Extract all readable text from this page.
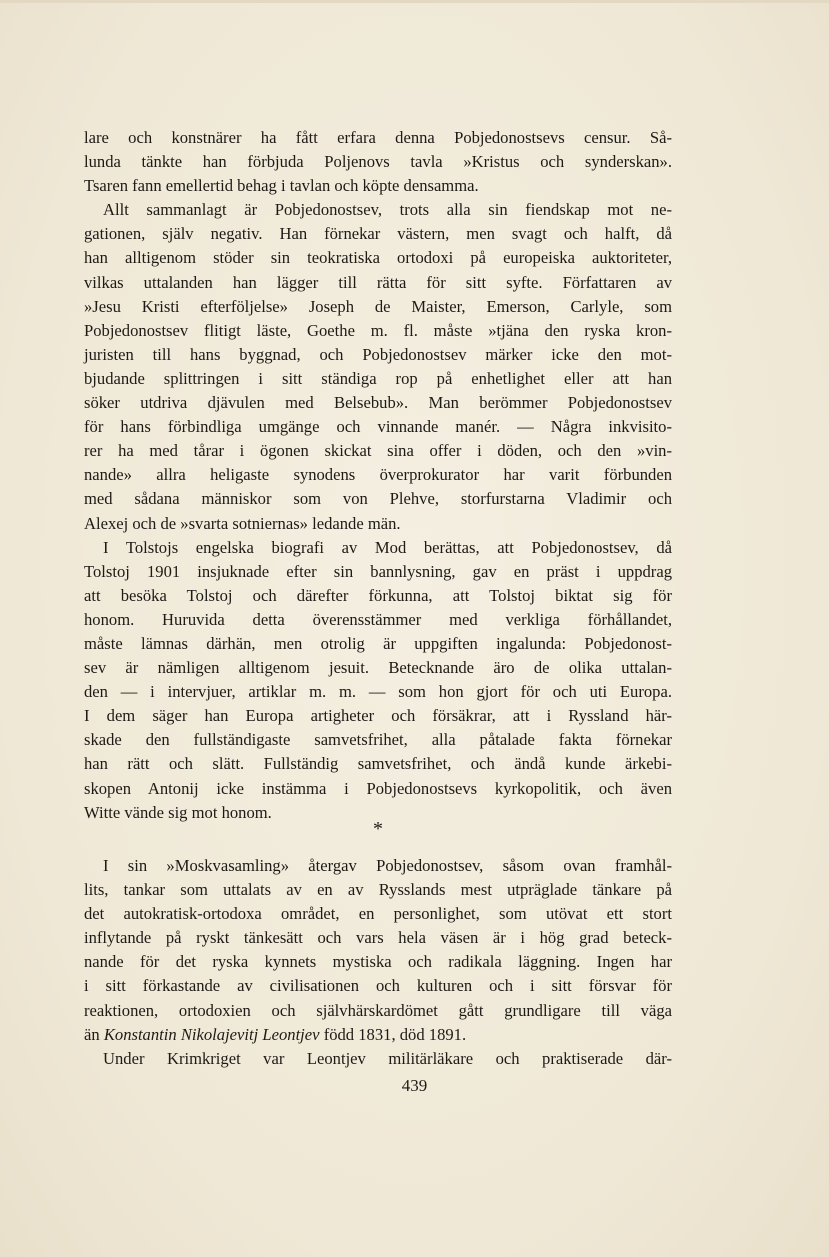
lare och konstnärer ha fått erfara denna Pobjedonostsevs censur. Så-
lunda tänkte han förbjuda Poljenovs tavla »Kristus och synderskan».
Tsaren fann emellertid behag i tavlan och köpte densamma.
Allt sammanlagt är Pobjedonostsev, trots alla sin fiendskap mot ne-
gationen, själv negativ. Han förnekar västern, men svagt och halft, då
han alltigenom stöder sin teokratiska ortodoxi på europeiska auktoriteter,
vilkas uttalanden han lägger till rätta för sitt syfte. Författaren av
»Jesu Kristi efterföljelse» Joseph de Maister, Emerson, Carlyle, som
Pobjedonostsev flitigt läste, Goethe m. fl. måste »tjäna den ryska kron-
juristen till hans byggnad, och Pobjedonostsev märker icke den mot-
bjudande splittringen i sitt ständiga rop på enhetlighet eller att han
söker utdriva djävulen med Belsebub». Man berömmer Pobjedonostsev
för hans förbindliga umgänge och vinnande manér. — Några inkvisito-
rer ha med tårar i ögonen skickat sina offer i döden, och den »vin-
nande» allra heligaste synodens överprokurator har varit förbunden
med sådana människor som von Plehve, storfurstarna Vladimir och
Alexej och de »svarta sotniernas» ledande män.
I Tolstojs engelska biografi av Mod berättas, att Pobjedonostsev, då
Tolstoj 1901 insjuknade efter sin bannlysning, gav en präst i uppdrag
att besöka Tolstoj och därefter förkunna, att Tolstoj biktat sig för
honom. Huruvida detta överensstämmer med verkliga förhållandet,
måste lämnas därhän, men otrolig är uppgiften ingalunda: Pobjedonost-
sev är nämligen alltigenom jesuit. Betecknande äro de olika uttalan-
den — i intervjuer, artiklar m. m. — som hon gjort för och uti Europa.
I dem säger han Europa artigheter och försäkrar, att i Ryssland här-
skade den fullständigaste samvetsfrihet, alla påtalade fakta förnekar
han rätt och slätt. Fullständig samvetsfrihet, och ändå kunde ärkebi-
skopen Antonij icke instämma i Pobjedonostsevs kyrkopolitik, och även
Witte vände sig mot honom.
*
I sin »Moskvasamling» återgav Pobjedonostsev, såsom ovan framhål-
lits, tankar som uttalats av en av Rysslands mest utpräglade tänkare på
det autokratisk-ortodoxa området, en personlighet, som utövat ett stort
inflytande på ryskt tänkesätt och vars hela väsen är i hög grad beteck-
nande för det ryska kynnets mystiska och radikala läggning. Ingen har
i sitt förkastande av civilisationen och kulturen och i sitt försvar för
reaktionen, ortodoxien och självhärskardömet gått grundligare till väga
än Konstantin Nikolajevitj Leontjev född 1831, död 1891.
Under Krimkriget var Leontjev militärläkare och praktiserade där-
439
